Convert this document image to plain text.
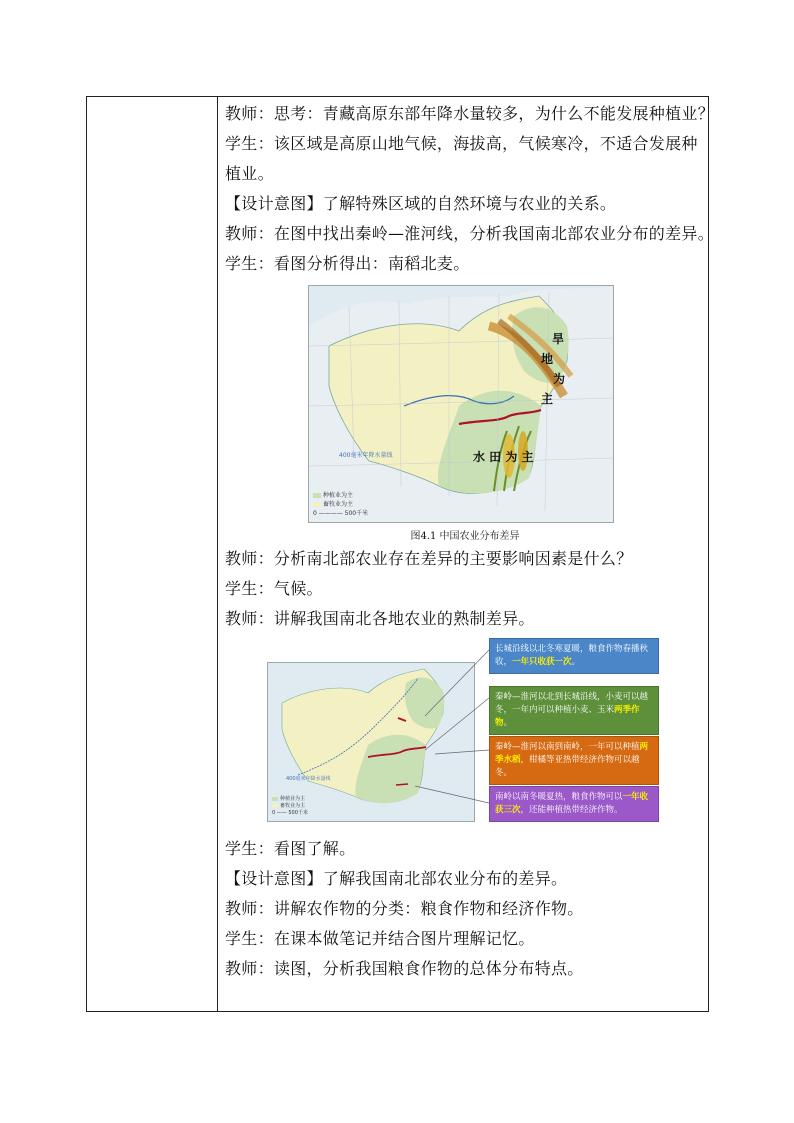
教师：思考：青藏高原东部年降水量较多，为什么不能发展种植业？

学生：该区域是高原山地气候，海拔高，气候寒冷，不适合发展种植业。

【设计意图】了解特殊区域的自然环境与农业的关系。

教师：在图中找出秦岭—淮河线，分析我国南北部农业分布的差异。

学生：看图分析得出：南稻北麦。

旱
地
为
主
水 田 为 主
400毫米年降水量线
种植业为主
畜牧业为主
0 ———— 500千米

图4.1 中国农业分布差异

教师：分析南北部农业存在差异的主要影响因素是什么？

学生：气候。

教师：讲解我国南北各地农业的熟制差异。

400毫米年降水量线
种植业为主
畜牧业为主
0 —— 500千米
长城沿线以北冬寒夏暖，粮食作物春播秋收，一年只收获一次。
秦岭—淮河以北到长城沿线，小麦可以越冬，一年内可以种植小麦、玉米两季作物。
秦岭—淮河以南到南岭，一年可以种植两季水稻，柑橘等亚热带经济作物可以越冬。
南岭以南冬暖夏热，粮食作物可以一年收获三次，还能种植热带经济作物。

学生：看图了解。

【设计意图】了解我国南北部农业分布的差异。

教师：讲解农作物的分类：粮食作物和经济作物。

学生：在课本做笔记并结合图片理解记忆。

教师：读图，分析我国粮食作物的总体分布特点。
